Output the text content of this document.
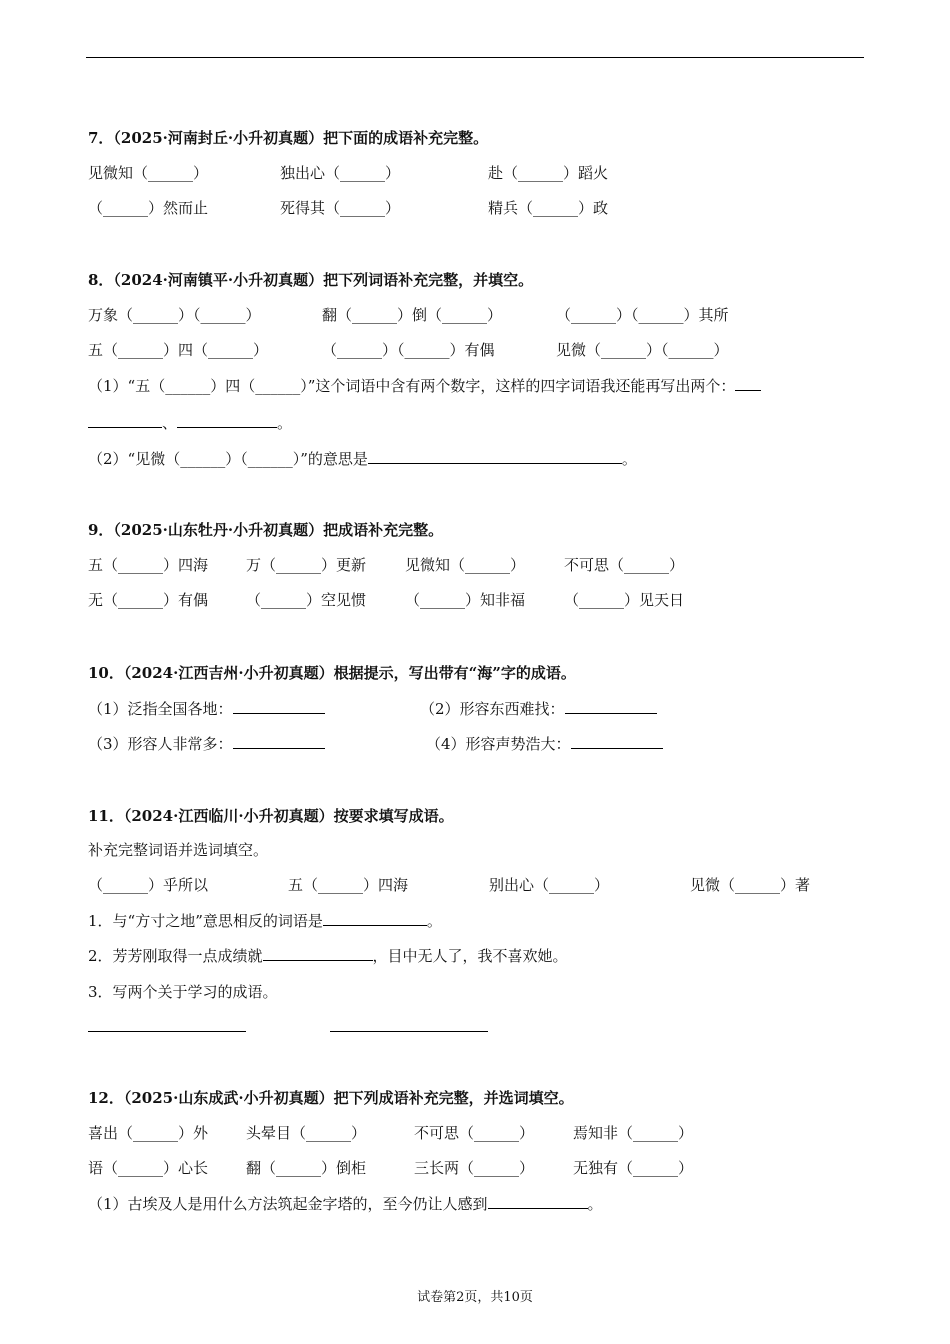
7．（2025·河南封丘·小升初真题）把下面的成语补充完整。
见微知（______）	独出心（______）	赴（______）蹈火
（______）然而止	死得其（______）	精兵（______）政
8．（2024·河南镇平·小升初真题）把下列词语补充完整，并填空。
万象（______）（______）	翻（______）倒（______）	（______）（______）其所
五（______）四（______）	（______）（______）有偶	见微（______）（______）
（1）“五（______）四（______）”这个词语中含有两个数字，这样的四字词语我还能再写出两个：
、	。
（2）“见微（______）（______）”的意思是	。
9．（2025·山东牡丹·小升初真题）把成语补充完整。
五（______）四海	万（______）更新	见微知（______）	不可思（______）
无（______）有偶	（______）空见惯	（______）知非福	（______）见天日
10．（2024·江西吉州·小升初真题）根据提示，写出带有“海”字的成语。
（1）泛指全国各地：	（2）形容东西难找：
（3）形容人非常多：	（4）形容声势浩大：
11．（2024·江西临川·小升初真题）按要求填写成语。
补充完整词语并选词填空。
（______）乎所以	五（______）四海	别出心（______）	见微（______）著
1．与“方寸之地”意思相反的词语是	。
2．芳芳刚取得一点成绩就	，目中无人了，我不喜欢她。
3．写两个关于学习的成语。
12．（2025·山东成武·小升初真题）把下列成语补充完整，并选词填空。
喜出（______）外	头晕目（______）	不可思（______）	焉知非（______）
语（______）心长	翻（______）倒柜	三长两（______）	无独有（______）
（1）古埃及人是用什么方法筑起金字塔的，至今仍让人感到	。
试卷第2页，共10页
